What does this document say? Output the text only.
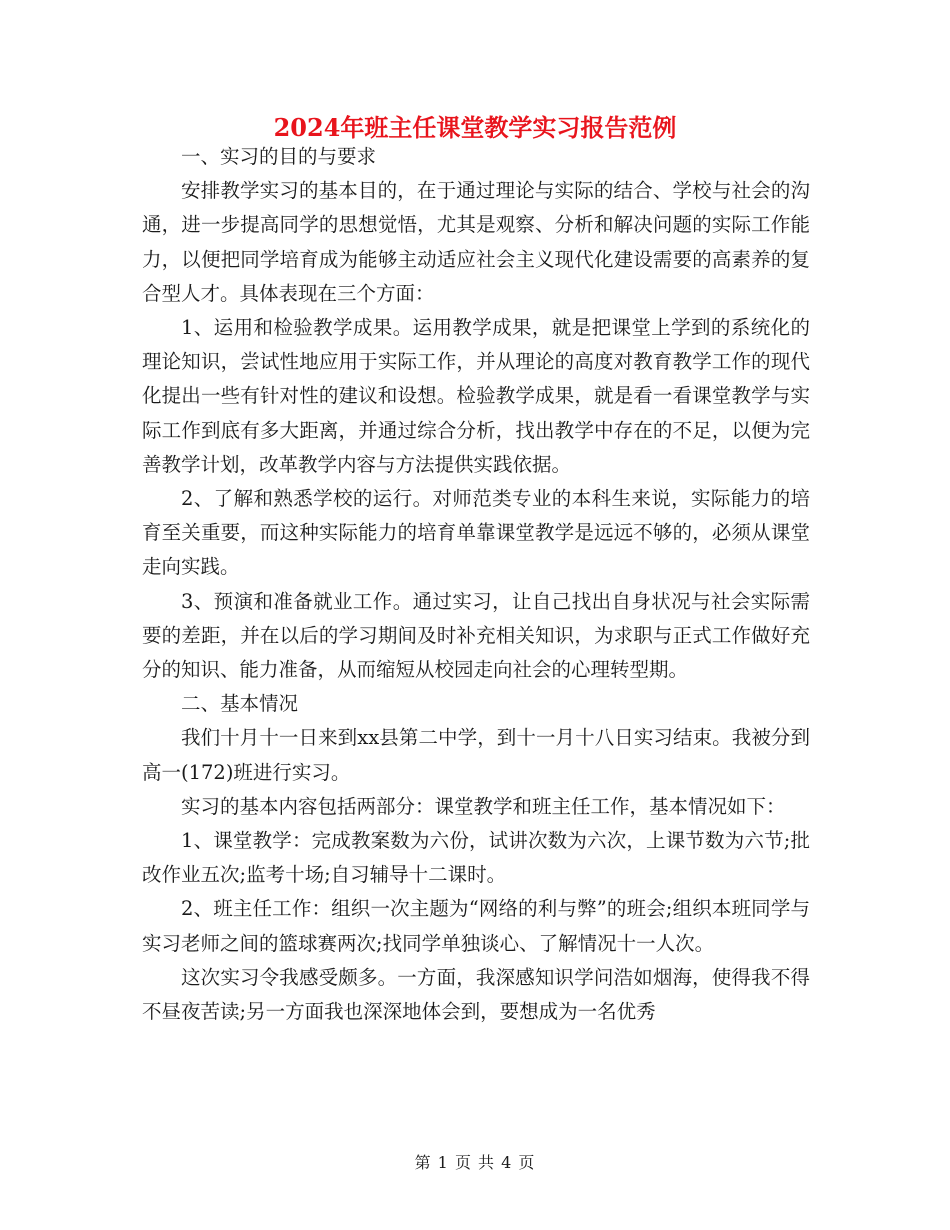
2024年班主任课堂教学实习报告范例

一、实习的目的与要求

安排教学实习的基本目的，在于通过理论与实际的结合、学校与社会的沟通，进一步提高同学的思想觉悟，尤其是观察、分析和解决问题的实际工作能力，以便把同学培育成为能够主动适应社会主义现代化建设需要的高素养的复合型人才。具体表现在三个方面：

1、运用和检验教学成果。运用教学成果，就是把课堂上学到的系统化的理论知识，尝试性地应用于实际工作，并从理论的高度对教育教学工作的现代化提出一些有针对性的建议和设想。检验教学成果，就是看一看课堂教学与实际工作到底有多大距离，并通过综合分析，找出教学中存在的不足，以便为完善教学计划，改革教学内容与方法提供实践依据。

2、了解和熟悉学校的运行。对师范类专业的本科生来说，实际能力的培育至关重要，而这种实际能力的培育单靠课堂教学是远远不够的，必须从课堂走向实践。

3、预演和准备就业工作。通过实习，让自己找出自身状况与社会实际需要的差距，并在以后的学习期间及时补充相关知识，为求职与正式工作做好充分的知识、能力准备，从而缩短从校园走向社会的心理转型期。

二、基本情况

我们十月十一日来到xx县第二中学，到十一月十八日实习结束。我被分到高一(172)班进行实习。

实习的基本内容包括两部分：课堂教学和班主任工作，基本情况如下：

1、课堂教学：完成教案数为六份，试讲次数为六次，上课节数为六节;批改作业五次;监考十场;自习辅导十二课时。

2、班主任工作：组织一次主题为“网络的利与弊”的班会;组织本班同学与实习老师之间的篮球赛两次;找同学单独谈心、了解情况十一人次。

这次实习令我感受颇多。一方面，我深感知识学问浩如烟海，使得我不得不昼夜苦读;另一方面我也深深地体会到，要想成为一名优秀

第 1 页 共 4 页
